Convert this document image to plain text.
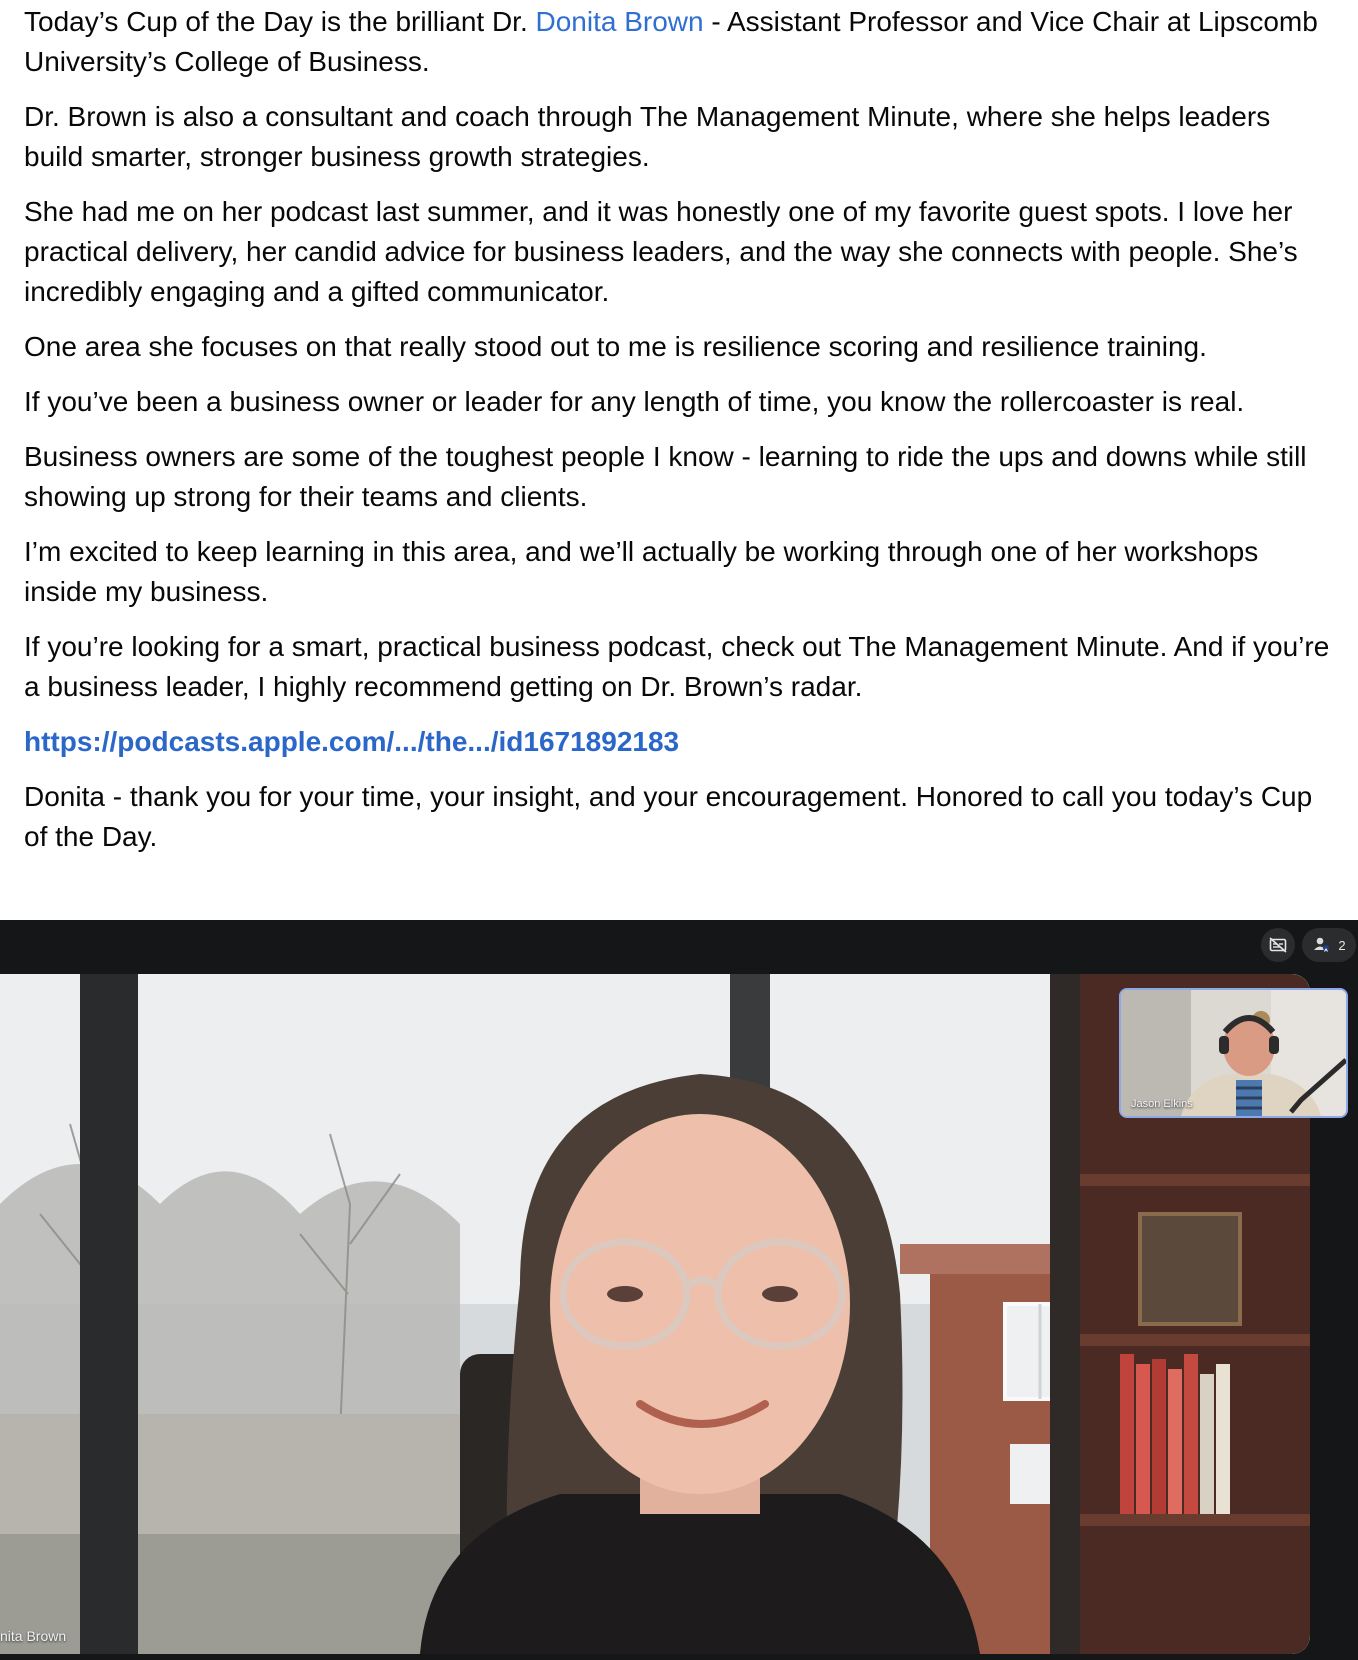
Today’s Cup of the Day is the brilliant Dr. Donita Brown - Assistant Professor and Vice Chair at Lipscomb University’s College of Business.

Dr. Brown is also a consultant and coach through The Management Minute, where she helps leaders build smarter, stronger business growth strategies.

She had me on her podcast last summer, and it was honestly one of my favorite guest spots. I love her practical delivery, her candid advice for business leaders, and the way she connects with people. She’s incredibly engaging and a gifted communicator.

One area she focuses on that really stood out to me is resilience scoring and resilience training.

If you’ve been a business owner or leader for any length of time, you know the rollercoaster is real.

Business owners are some of the toughest people I know - learning to ride the ups and downs while still showing up strong for their teams and clients.

I’m excited to keep learning in this area, and we’ll actually be working through one of her workshops inside my business.

If you’re looking for a smart, practical business podcast, check out The Management Minute. And if you’re a business leader, I highly recommend getting on Dr. Brown’s radar.

https://podcasts.apple.com/.../the.../id1671892183

Donita - thank you for your time, your insight, and your encouragement. Honored to call you today’s Cup of the Day.

2
nita Brown
Jason Elkins
